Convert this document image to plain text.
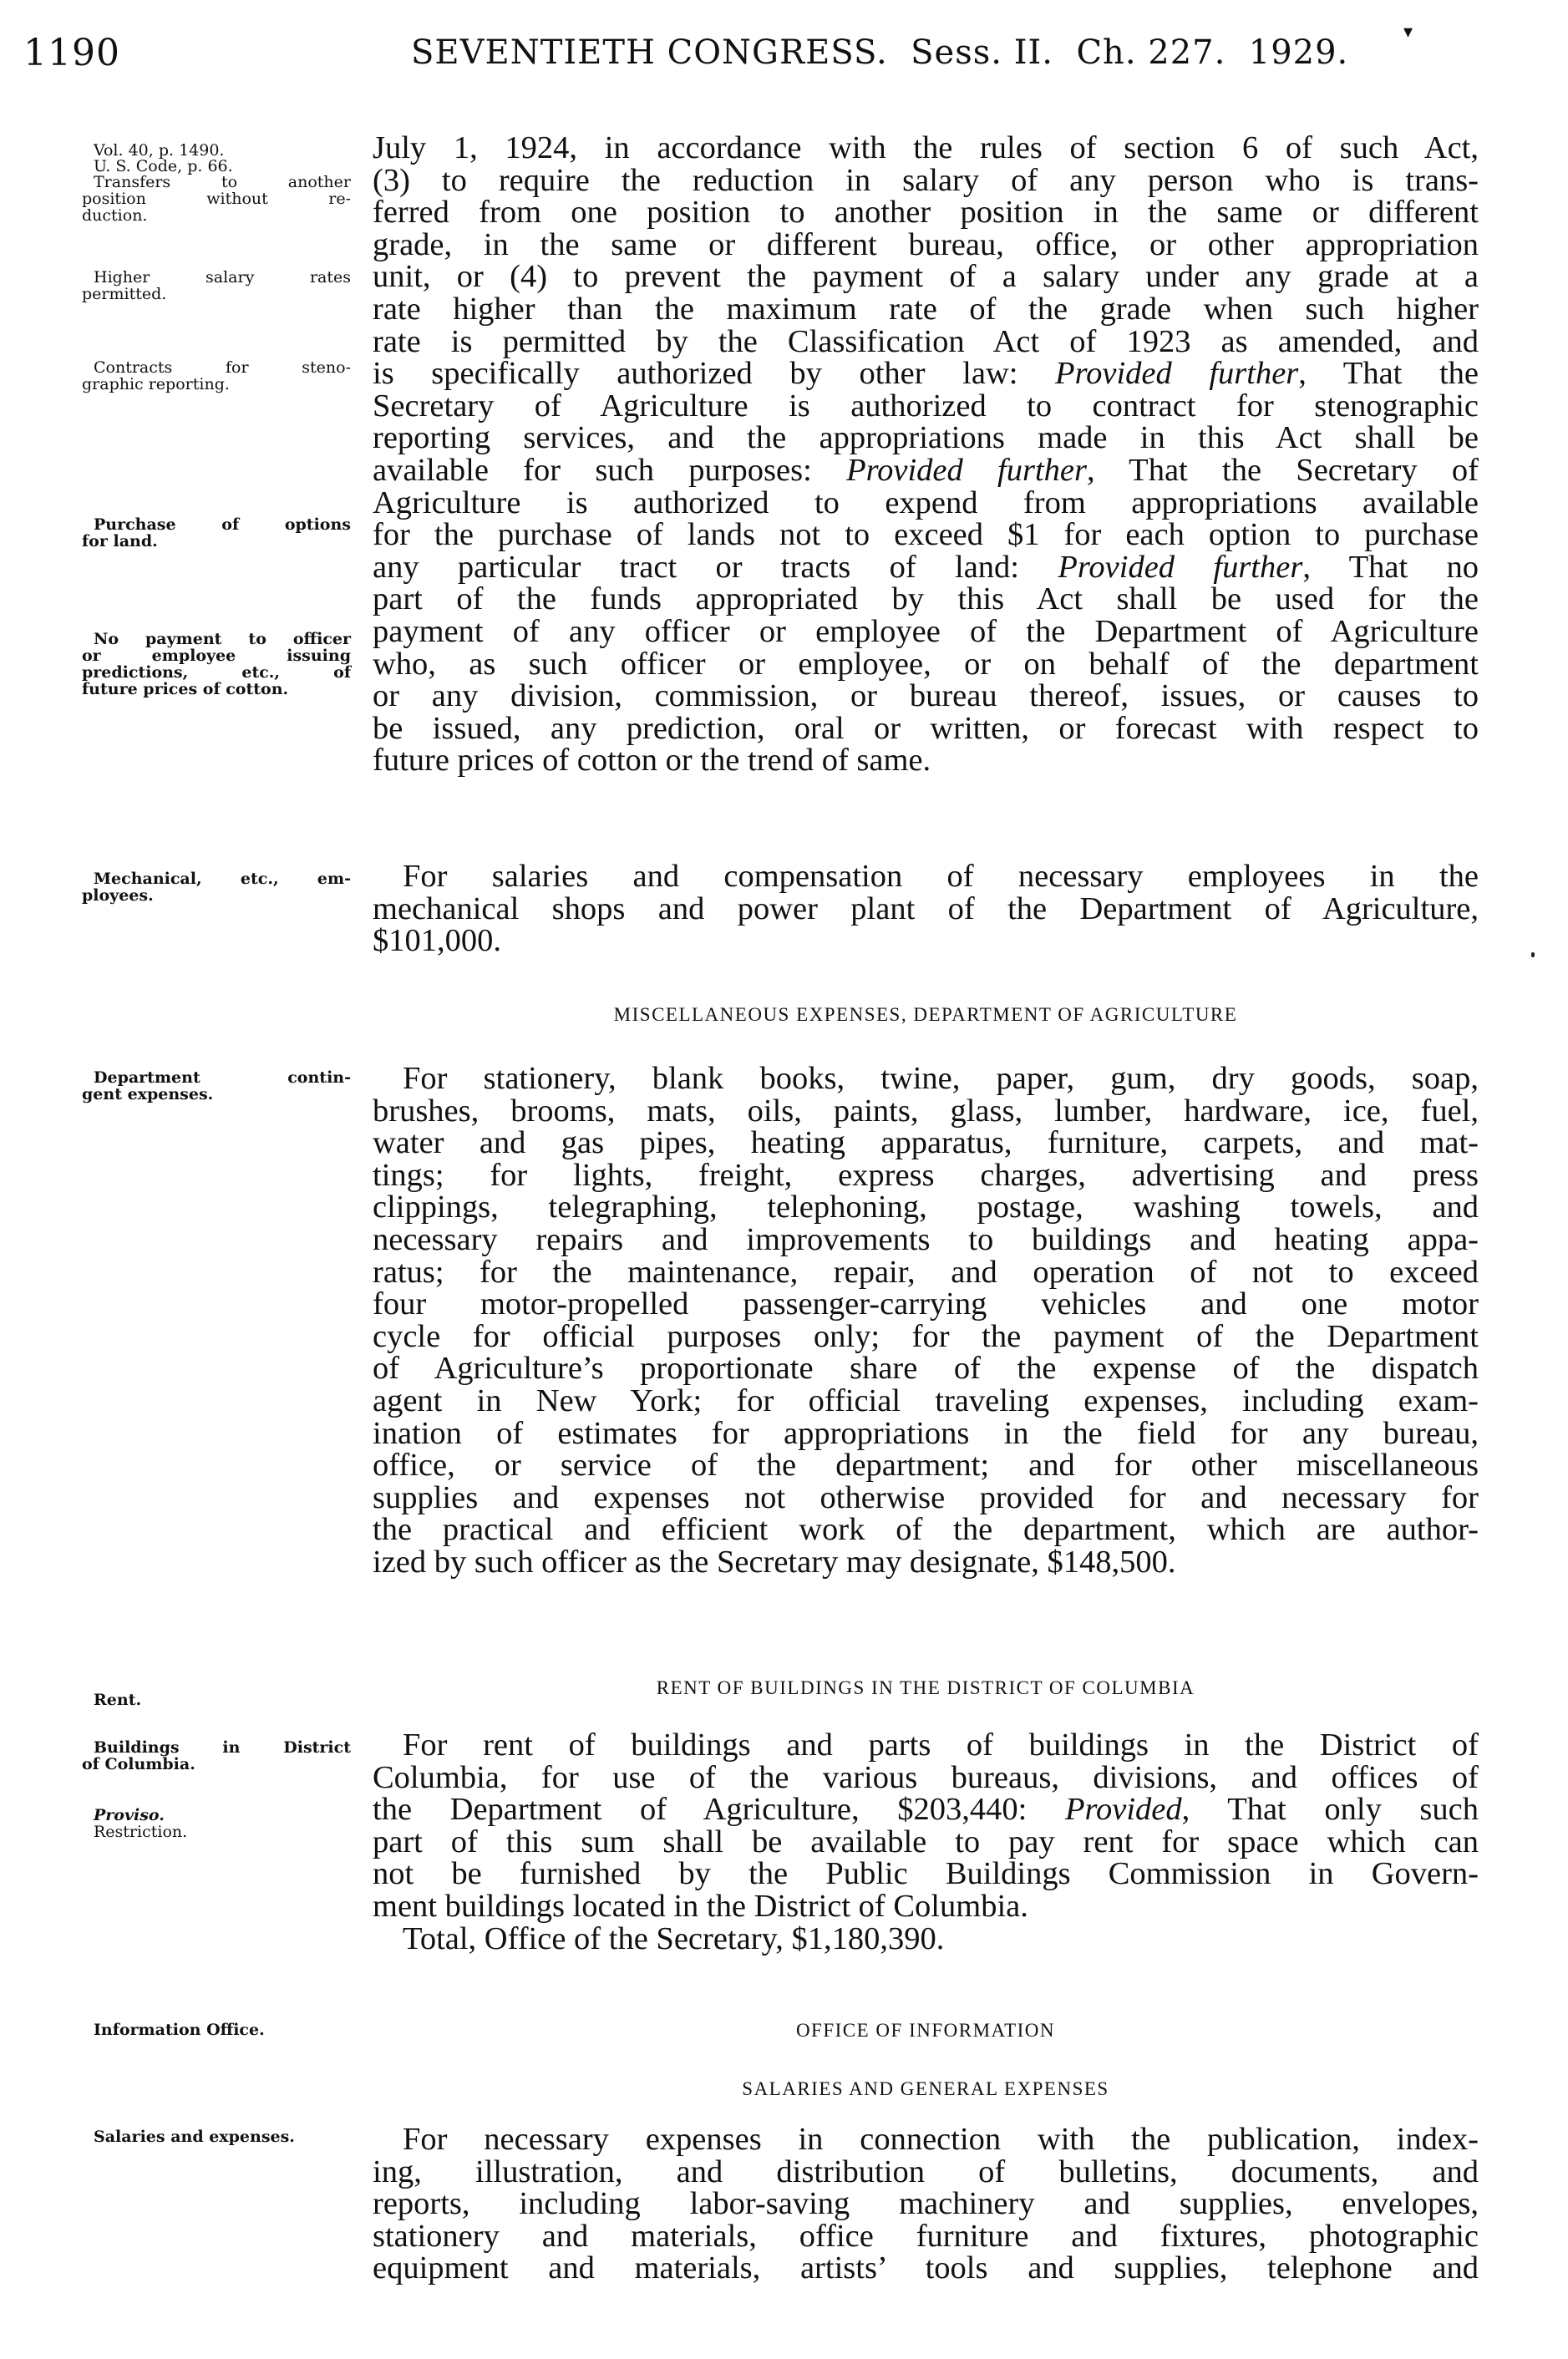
1190	SEVENTIETH CONGRESS. Sess. II. Ch. 227. 1929.
▾
Vol. 40, p. 1490.
U. S. Code, p. 66.
Transfers to another
position without re-
duction.
Higher salary rates
permitted.
Contracts for steno-
graphic reporting.
Purchase of options
for land.
No payment to officer
or employee issuing
predictions, etc., of
future prices of cotton.
Mechanical, etc., em-
ployees.
Department contin-
gent expenses.
Rent.
Buildings in District
of Columbia.
Proviso.
Restriction.
Information Office.
Salaries and expenses.
July 1, 1924, in accordance with the rules of section 6 of such Act,
(3) to require the reduction in salary of any person who is trans-
ferred from one position to another position in the same or different
grade, in the same or different bureau, office, or other appropriation
unit, or (4) to prevent the payment of a salary under any grade at a
rate higher than the maximum rate of the grade when such higher
rate is permitted by the Classification Act of 1923 as amended, and
is specifically authorized by other law: Provided further, That the
Secretary of Agriculture is authorized to contract for stenographic
reporting services, and the appropriations made in this Act shall be
available for such purposes: Provided further, That the Secretary of
Agriculture is authorized to expend from appropriations available
for the purchase of lands not to exceed $1 for each option to purchase
any particular tract or tracts of land: Provided further, That no
part of the funds appropriated by this Act shall be used for the
payment of any officer or employee of the Department of Agriculture
who, as such officer or employee, or on behalf of the department
or any division, commission, or bureau thereof, issues, or causes to
be issued, any prediction, oral or written, or forecast with respect to
future prices of cotton or the trend of same.
For salaries and compensation of necessary employees in the
mechanical shops and power plant of the Department of Agriculture,
$101,000.
MISCELLANEOUS EXPENSES, DEPARTMENT OF AGRICULTURE
For stationery, blank books, twine, paper, gum, dry goods, soap,
brushes, brooms, mats, oils, paints, glass, lumber, hardware, ice, fuel,
water and gas pipes, heating apparatus, furniture, carpets, and mat-
tings; for lights, freight, express charges, advertising and press
clippings, telegraphing, telephoning, postage, washing towels, and
necessary repairs and improvements to buildings and heating appa-
ratus; for the maintenance, repair, and operation of not to exceed
four motor-propelled passenger-carrying vehicles and one motor
cycle for official purposes only; for the payment of the Department
of Agriculture’s proportionate share of the expense of the dispatch
agent in New York; for official traveling expenses, including exam-
ination of estimates for appropriations in the field for any bureau,
office, or service of the department; and for other miscellaneous
supplies and expenses not otherwise provided for and necessary for
the practical and efficient work of the department, which are author-
ized by such officer as the Secretary may designate, $148,500.
RENT OF BUILDINGS IN THE DISTRICT OF COLUMBIA
For rent of buildings and parts of buildings in the District of
Columbia, for use of the various bureaus, divisions, and offices of
the Department of Agriculture, $203,440: Provided, That only such
part of this sum shall be available to pay rent for space which can
not be furnished by the Public Buildings Commission in Govern-
ment buildings located in the District of Columbia.
Total, Office of the Secretary, $1,180,390.
OFFICE OF INFORMATION
SALARIES AND GENERAL EXPENSES
For necessary expenses in connection with the publication, index-
ing, illustration, and distribution of bulletins, documents, and
reports, including labor-saving machinery and supplies, envelopes,
stationery and materials, office furniture and fixtures, photographic
equipment and materials, artists’ tools and supplies, telephone and
